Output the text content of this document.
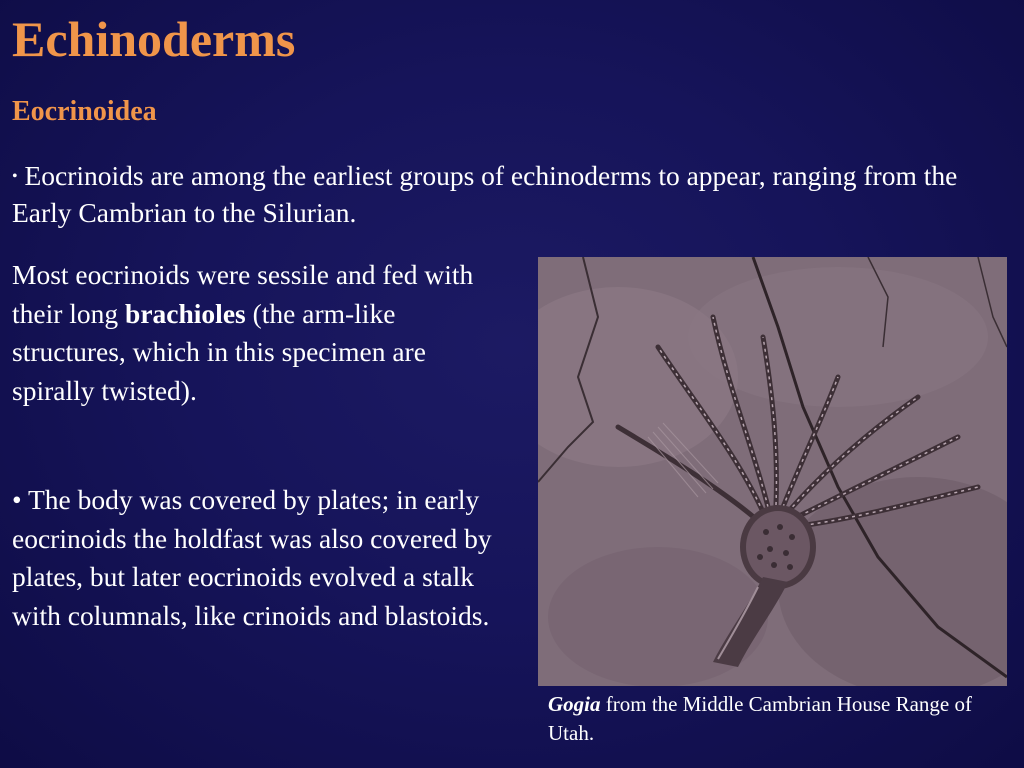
Echinoderms
Eocrinoidea
• Eocrinoids are among the earliest groups of echinoderms to appear, ranging from the Early Cambrian to the Silurian.
Most eocrinoids were sessile and fed with their long brachioles (the arm-like structures, which in this specimen are spirally twisted).
• The body was covered by plates; in early eocrinoids the holdfast was also covered by plates, but later eocrinoids evolved a stalk with columnals, like crinoids and blastoids.
Gogia from the Middle Cambrian House Range of Utah.
